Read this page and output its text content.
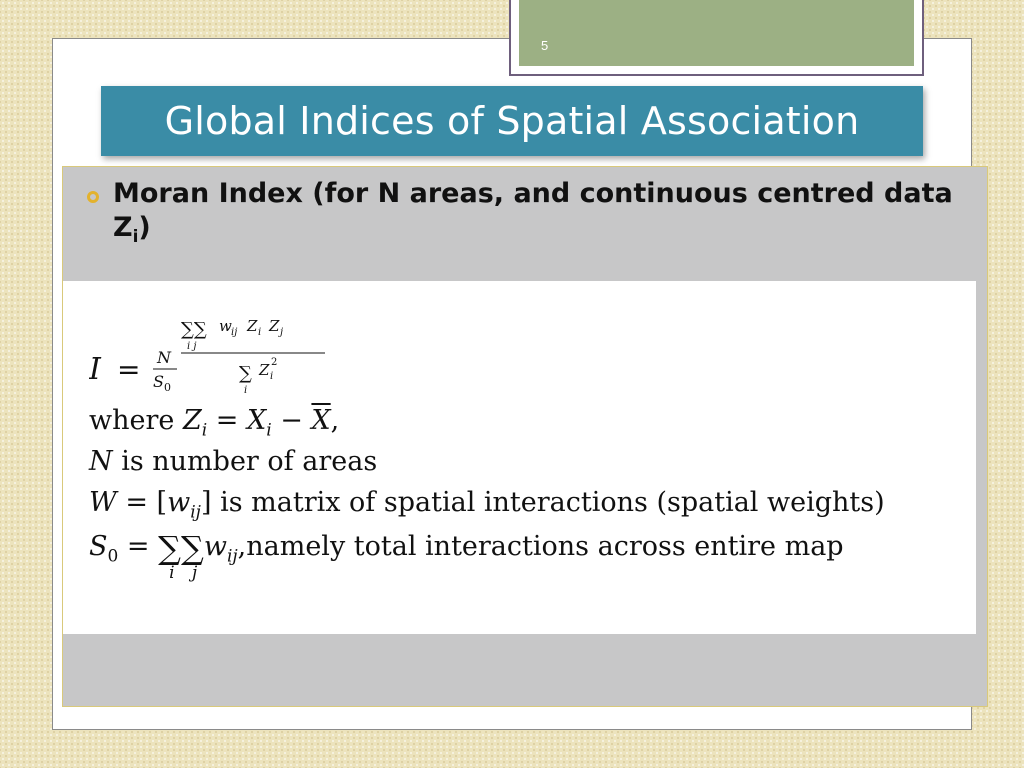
5
Global Indices of Spatial Association
Moran Index (for N areas, and continuous centred data $Z_i$)
I = N
S 0
∑∑
i j
w ij Z i Z j
∑
i
Z i
2
where $Z_i = X_i - \overline{X}$,
N is number of areas
$W = [w_{ij}]$ is matrix of spatial interactions (spatial weights)
$S_0$ = ∑
i
∑
j
$w_{ij},namely$ total interactions across entire map
